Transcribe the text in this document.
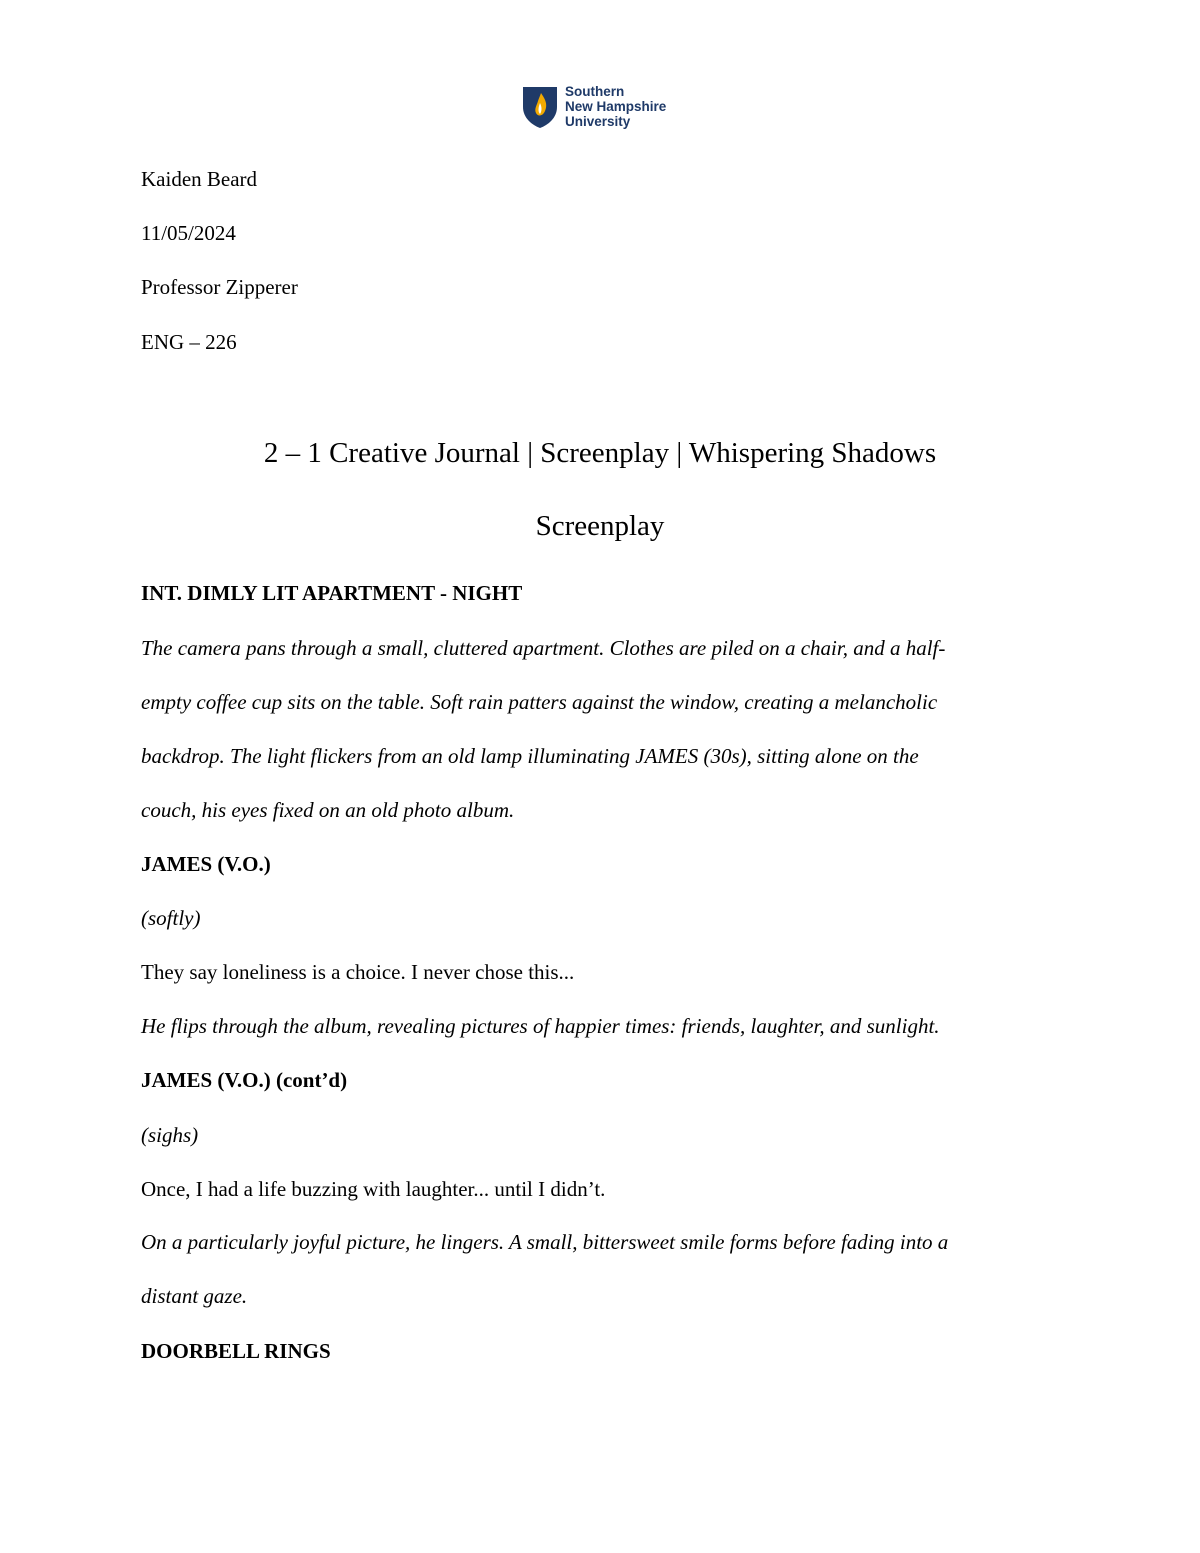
Southern
New Hampshire
University
Kaiden Beard
11/05/2024
Professor Zipperer
ENG – 226
2 – 1 Creative Journal | Screenplay | Whispering Shadows
Screenplay
INT. DIMLY LIT APARTMENT - NIGHT
The camera pans through a small, cluttered apartment. Clothes are piled on a chair, and a half-
empty coffee cup sits on the table. Soft rain patters against the window, creating a melancholic
backdrop. The light flickers from an old lamp illuminating JAMES (30s), sitting alone on the
couch, his eyes fixed on an old photo album.
JAMES (V.O.)
(softly)
They say loneliness is a choice. I never chose this...
He flips through the album, revealing pictures of happier times: friends, laughter, and sunlight.
JAMES (V.O.) (cont’d)
(sighs)
Once, I had a life buzzing with laughter... until I didn’t.
On a particularly joyful picture, he lingers. A small, bittersweet smile forms before fading into a
distant gaze.
DOORBELL RINGS
